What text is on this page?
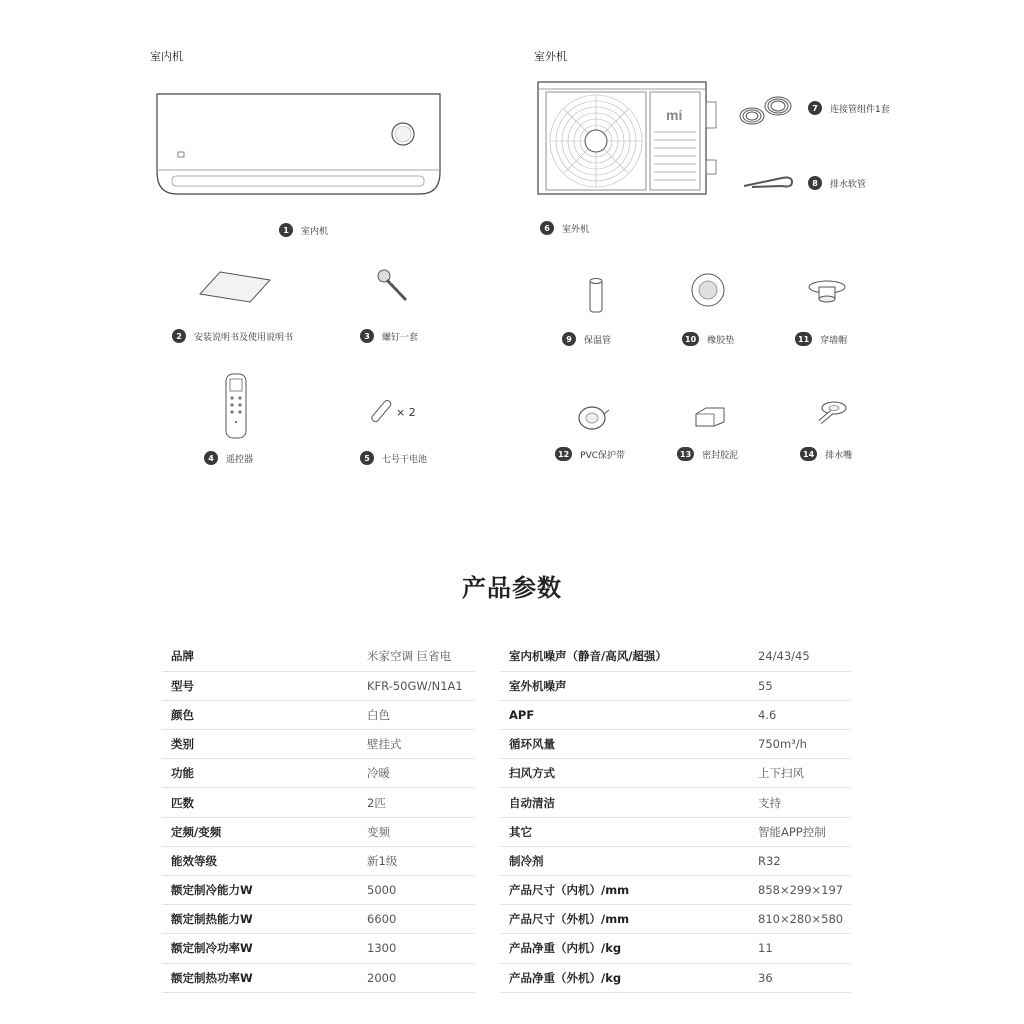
室内机	室外机
mi
× 2
1	室内机
2	安装说明书及使用说明书	3	螺钉一套
4	遥控器	5	七号干电池
6	室外机
7	连接管组件1套
8	排水软管
9	保温管	10	橡胶垫	11	穿墙帽
12	PVC保护带	13	密封胶泥	14	排水嘴
产品参数
品牌	米家空调 巨省电
型号	KFR-50GW/N1A1
颜色	白色
类别	壁挂式
功能	冷暖
匹数	2匹
定频/变频	变频
能效等级	新1级
额定制冷能力W	5000
额定制热能力W	6600
额定制冷功率W	1300
额定制热功率W	2000
室内机噪声（静音/高风/超强）	24/43/45
室外机噪声	55
APF	4.6
循环风量	750m³/h
扫风方式	上下扫风
自动清洁	支持
其它	智能APP控制
制冷剂	R32
产品尺寸（内机）/mm	858×299×197
产品尺寸（外机）/mm	810×280×580
产品净重（内机）/kg	11
产品净重（外机）/kg	36
